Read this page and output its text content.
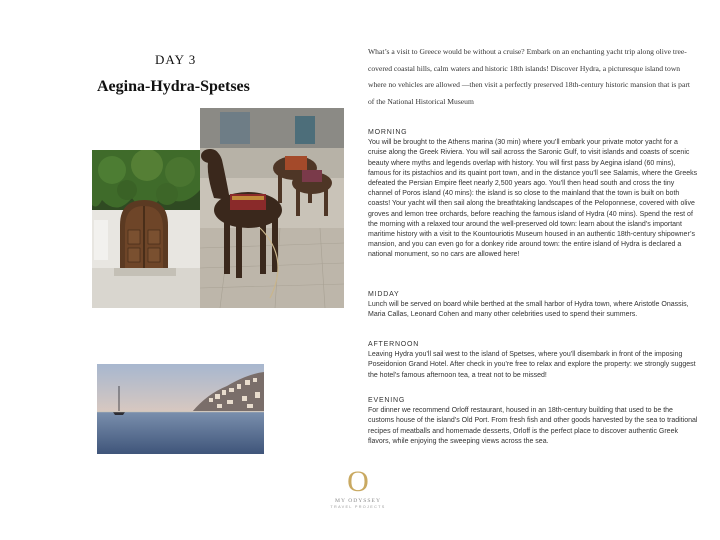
DAY 3
Aegina-Hydra-Spetses
What’s a visit to Greece would be without a cruise? Embark on an enchanting yacht trip along olive tree-covered coastal hills, calm waters and historic 18th islands! Discover Hydra, a picturesque island town where no vehicles are allowed —then visit a perfectly preserved 18th-century historic mansion that is part of the National Historical Museum
MORNING
You will be brought to the Athens marina (30 min) where you’ll embark your private motor yacht for a cruise along the Greek Riviera. You will sail across the Saronic Gulf, to visit islands and coasts of scenic beauty where myths and legends overlap with history. You will first pass by Aegina island (60 mins), famous for its pistachios and its quaint port town, and in the distance you’ll see Salamis, where the Greeks defeated the Persian Empire fleet nearly 2,500 years ago. You’ll then head south and cross the tiny channel of Poros island (40 mins): the island is so close to the mainland that the town is built on both coasts! Your yacht will then sail along the breathtaking landscapes of the Peloponnese, covered with olive groves and lemon tree orchards, before reaching the famous island of Hydra (40 mins). Spend the rest of the morning with a relaxed tour around the well-preserved old town: learn about the island’s important maritime history with a visit to the Kountouriotis Museum housed in an authentic 18th-century shipowner’s mansion, and you can even go for a donkey ride around town: the entire island of Hydra is declared a national monument, so no cars are allowed here!
MIDDAY
Lunch will be served on board while berthed at the small harbor of Hydra town, where Aristotle Onassis, Maria Callas, Leonard Cohen and many other celebrities used to spend their summers.
AFTERNOON
Leaving Hydra you’ll sail west to the island of Spetses, where you’ll disembark in front of the imposing Poseidonion Grand Hotel. After check in you’re free to relax and explore the property: we strongly suggest the hotel’s famous afternoon tea, a treat not to be missed!
EVENING
For dinner we recommend Orloff restaurant, housed in an 18th-century building that used to be the customs house of the island’s Old Port. From fresh fish and other goods harvested by the sea to traditional recipes of meatballs and homemade desserts, Orloff is the perfect place to discover authentic Greek flavors, while enjoying the sweeping views across the sea.
O
MY ODYSSEY
TRAVEL PROJECTS
